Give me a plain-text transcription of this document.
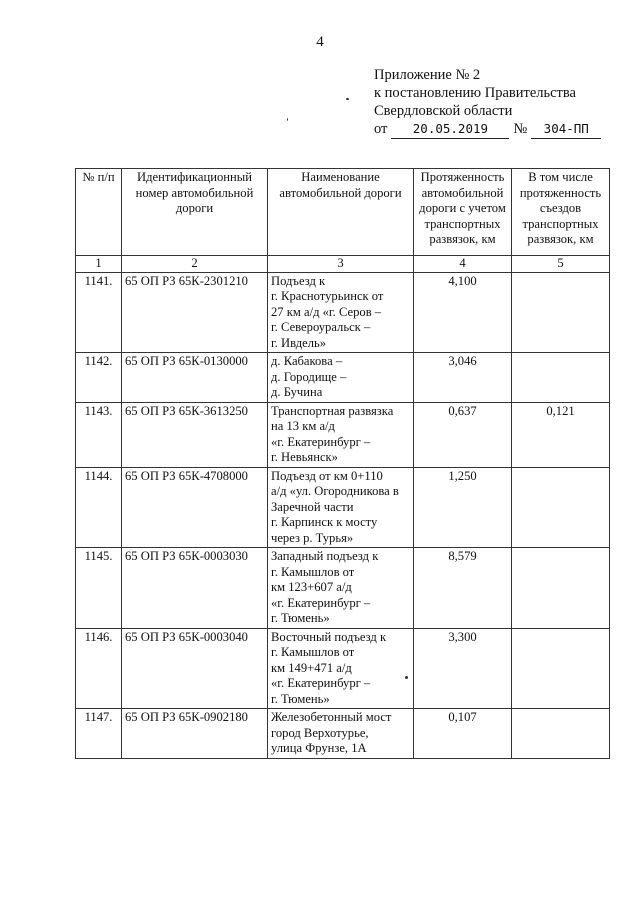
4
Приложение № 2
к постановлению Правительства
Свердловской области
от	20.05.2019	№	304-ПП
№ п/п	Идентификационный номер автомобильной дороги	Наименование автомобильной дороги	Протяженность автомобильной дороги с учетом транспортных развязок, км	В том числе протяженность съездов транспортных развязок, км
1	2	3	4	5
1141.	65 ОП РЗ 65К-2301210	Подъезд к
г. Краснотурьинск от
27 км а/д «г. Серов –
г. Североуральск –
г. Ивдель»	4,100	
1142.	65 ОП РЗ 65К-0130000	д. Кабакова –
д. Городище –
д. Бучина	3,046	
1143.	65 ОП РЗ 65К-3613250	Транспортная развязка
на 13 км а/д
«г. Екатеринбург –
г. Невьянск»	0,637	0,121
1144.	65 ОП РЗ 65К-4708000	Подъезд от км 0+110
а/д «ул. Огородникова в
Заречной части
г. Карпинск к мосту
через р. Турья»	1,250	
1145.	65 ОП РЗ 65К-0003030	Западный подъезд к
г. Камышлов от
км 123+607 а/д
«г. Екатеринбург –
г. Тюмень»	8,579	
1146.	65 ОП РЗ 65К-0003040	Восточный подъезд к
г. Камышлов от
км 149+471 а/д
«г. Екатеринбург –
г. Тюмень»	3,300	
1147.	65 ОП РЗ 65К-0902180	Железобетонный мост
город Верхотурье,
улица Фрунзе, 1А	0,107	
